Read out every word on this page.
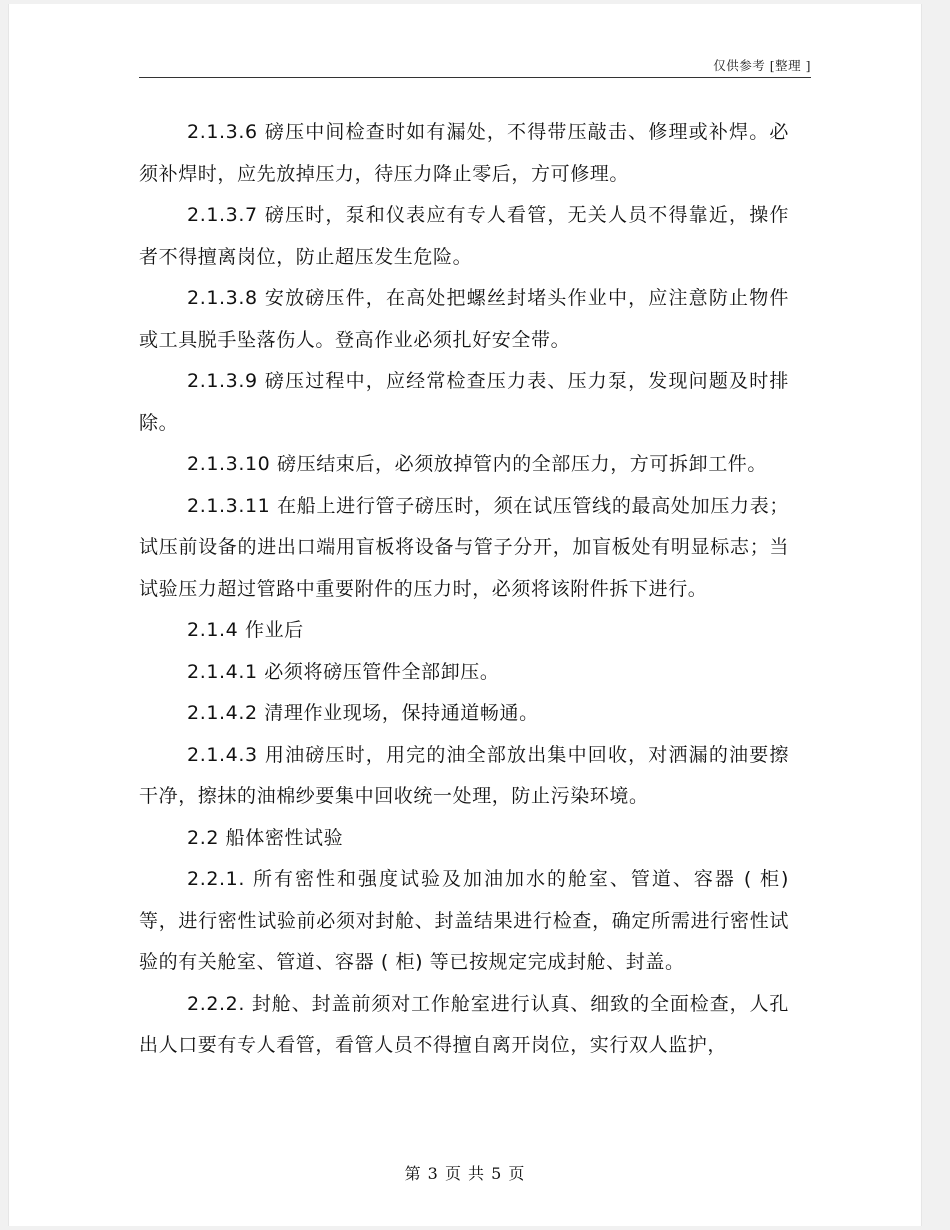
仅供参考 [整理 ]

2.1.3.6 磅压中间检查时如有漏处，不得带压敲击、修理或补焊。必须补焊时，应先放掉压力，待压力降止零后，方可修理。

2.1.3.7 磅压时，泵和仪表应有专人看管，无关人员不得靠近，操作者不得擅离岗位，防止超压发生危险。

2.1.3.8 安放磅压件，在高处把螺丝封堵头作业中，应注意防止物件或工具脱手坠落伤人。登高作业必须扎好安全带。

2.1.3.9 磅压过程中，应经常检查压力表、压力泵，发现问题及时排除。

2.1.3.10 磅压结束后，必须放掉管内的全部压力，方可拆卸工件。

2.1.3.11 在船上进行管子磅压时，须在试压管线的最高处加压力表；试压前设备的进出口端用盲板将设备与管子分开，加盲板处有明显标志；当试验压力超过管路中重要附件的压力时，必须将该附件拆下进行。

2.1.4 作业后

2.1.4.1 必须将磅压管件全部卸压。

2.1.4.2 清理作业现场，保持通道畅通。

2.1.4.3 用油磅压时，用完的油全部放出集中回收，对洒漏的油要擦干净，擦抹的油棉纱要集中回收统一处理，防止污染环境。

2.2 船体密性试验

2.2.1. 所有密性和强度试验及加油加水的舱室、管道、容器 ( 柜) 等，进行密性试验前必须对封舱、封盖结果进行检查，确定所需进行密性试验的有关舱室、管道、容器 ( 柜) 等已按规定完成封舱、封盖。

2.2.2. 封舱、封盖前须对工作舱室进行认真、细致的全面检查，人孔出人口要有专人看管，看管人员不得擅自离开岗位，实行双人监护，

第 3 页 共 5 页
